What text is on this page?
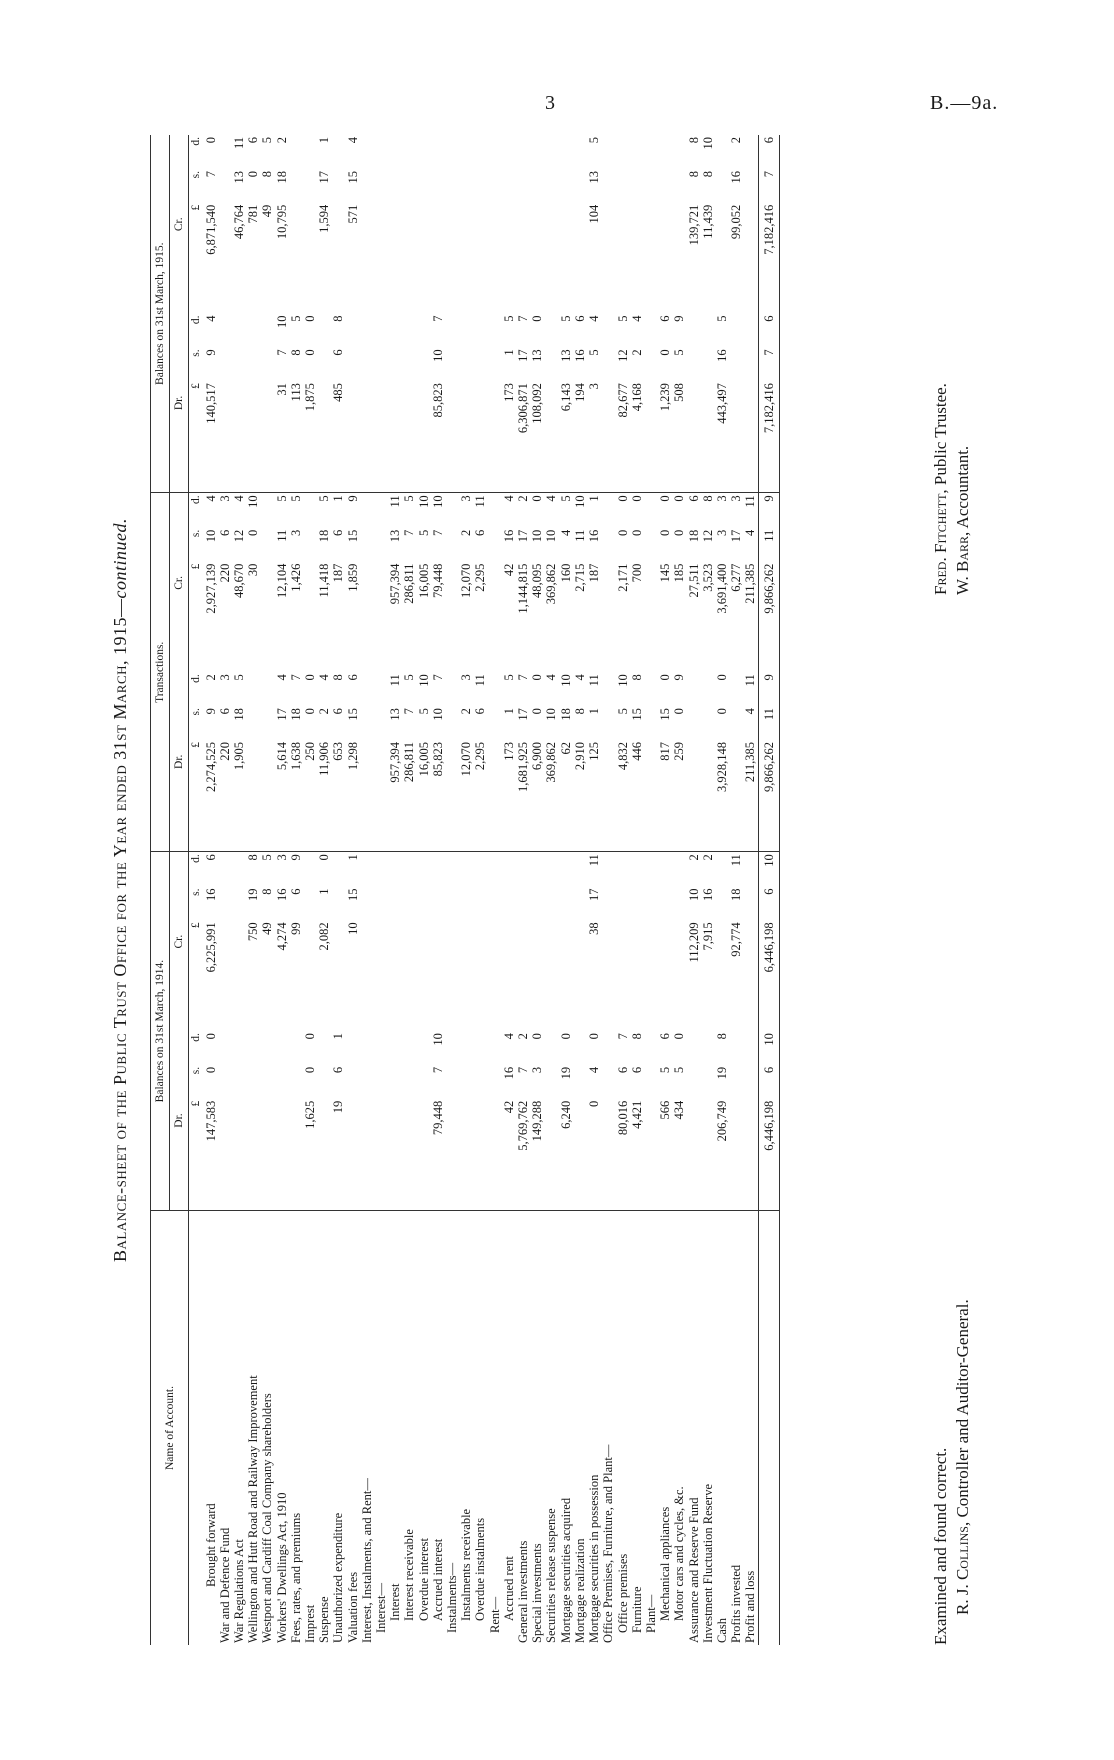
3	B.—9a.
Balance-sheet of the Public Trust Office for the Year ended 31st March, 1915—continued.
Name of Account.	Balances on 31st March, 1914.						Transactions.						Balances on 31st March, 1915.					
	Dr.			Cr.			Dr.			Cr.			Dr.			Cr.		
	£	s.	d.	£	s.	d.	£	s.	d.	£	s.	d.	£	s.	d.	£	s.	d.
Brought forward	147,583	0	0	6,225,991	16	6	2,274,525	9	2	2,927,139	10	4	140,517	9	4	6,871,540	7	0
War and Defence Fund							220	6	3	220	6	3						
War Regulations Act							1,905	18	5	48,670	12	4				46,764	13	11
Wellington and Hutt Road and Railway Improvement				750	19	8				30	0	10				781	0	6
Westport and Cardiff Coal Company shareholders				49	8	5										49	8	5
Workers' Dwellings Act, 1910				4,274	16	3	5,614	17	4	12,104	11	5	31	7	10	10,795	18	2
Fees, rates, and premiums				99	6	9	1,638	18	7	1,426	3	5	113	8	5			
Imprest	1,625	0	0				250	0	0				1,875	0	0			
Suspense				2,082	1	0	11,906	2	4	11,418	18	5				1,594	17	1
Unauthorized expenditure	19	6	1				653	6	8	187	6	1	485	6	8			
Valuation fees				10	15	1	1,298	15	6	1,859	15	9				571	15	4
Interest, Instalments, and Rent—																		
Interest—																		
Interest							957,394	13	11	957,394	13	11						
Interest receivable							286,811	7	5	286,811	7	5						
Overdue interest							16,005	5	10	16,005	5	10						
Accrued interest	79,448	7	10				85,823	10	7	79,448	7	10	85,823	10	7			
Instalments—																		
Instalments receivable							12,070	2	3	12,070	2	3						
Overdue instalments							2,295	6	11	2,295	6	11						
Rent—																		
Accrued rent	42	16	4				173	1	5	42	16	4	173	1	5			
General investments	5,769,762	7	2				1,681,925	17	7	1,144,815	17	2	6,306,871	17	7			
Special investments	149,288	3	0				6,900	0	0	48,095	10	0	108,092	13	0			
Securities release suspense							369,862	10	4	369,862	10	4						
Mortgage securities acquired	6,240	19	0				62	18	10	160	4	5	6,143	13	5			
Mortgage realization							2,910	8	4	2,715	11	10	194	16	6			
Mortgage securities in possession	0	4	0	38	17	11	125	1	11	187	16	1	3	5	4	104	13	5
Office Premises, Furniture, and Plant—																		
Office premises	80,016	6	7				4,832	5	10	2,171	0	0	82,677	12	5			
Furniture	4,421	6	8				446	15	8	700	0	0	4,168	2	4			
Plant—																		
Mechanical appliances	566	5	6				817	15	0	145	0	0	1,239	0	6			
Motor cars and cycles, &c.	434	5	0				259	0	9	185	0	0	508	5	9			
Assurance and Reserve Fund				112,209	10	2				27,511	18	6				139,721	8	8
Investment Fluctuation Reserve				7,915	16	2				3,523	12	8				11,439	8	10
Cash	206,749	19	8				3,928,148	0	0	3,691,400	3	3	443,497	16	5			
Profits invested				92,774	18	11				6,277	17	3				99,052	16	2
Profit and loss							211,385	4	11	211,385	4	11						
	6,446,198	6	10	6,446,198	6	10	9,866,262	11	9	9,866,262	11	9	7,182,416	7	6	7,182,416	7	6
Examined and found correct. R. J. Collins, Controller and Auditor-General.
Fred. Fitchett, Public Trustee.
W. Barr, Accountant.
